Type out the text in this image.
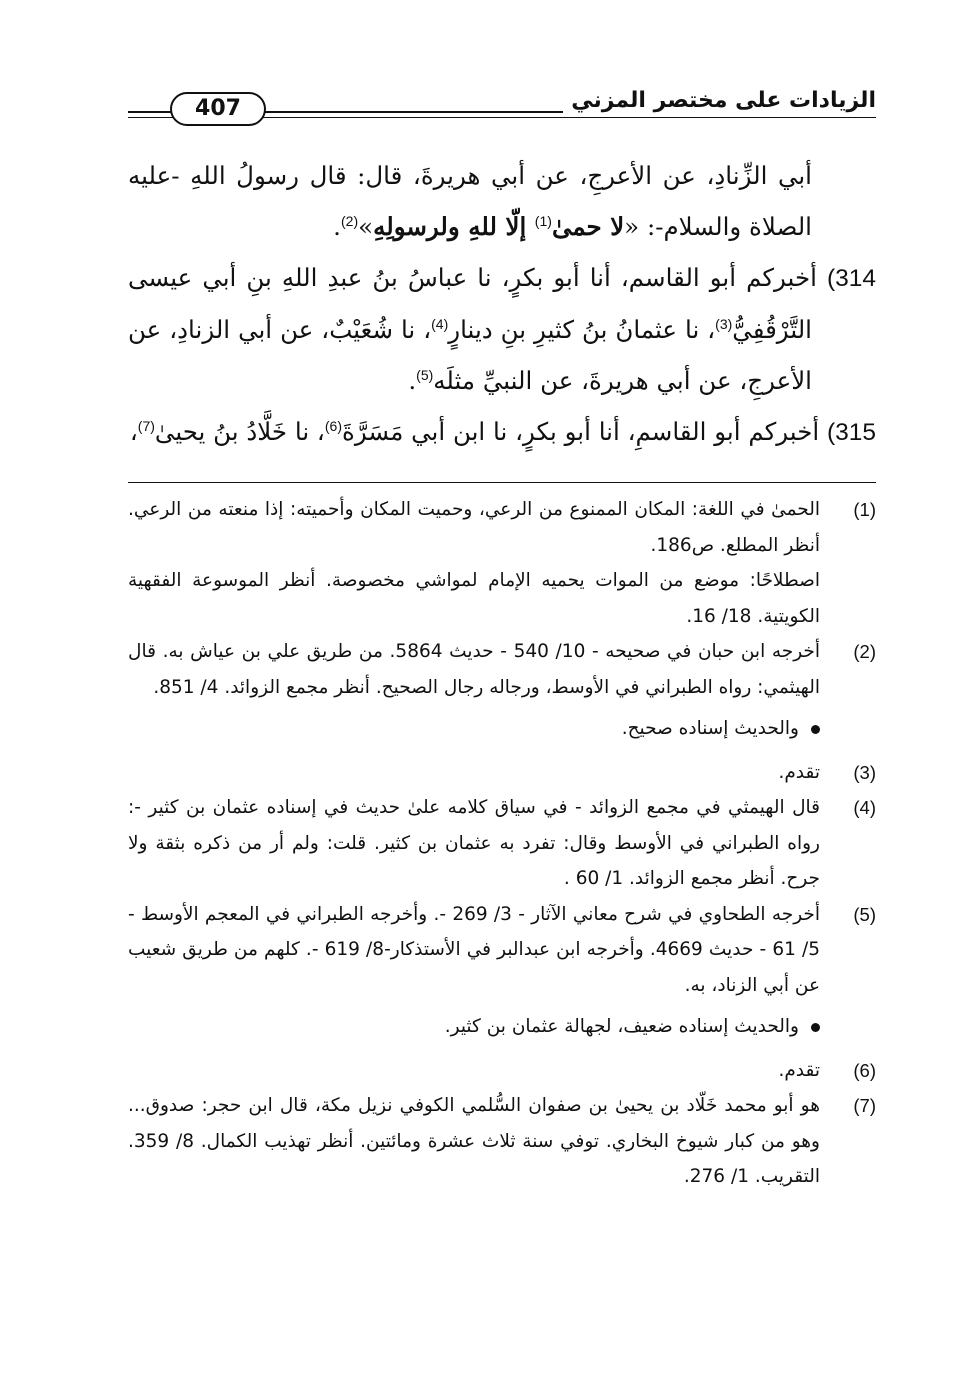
407	الزيادات على مختصر المزني

أبي الزِّنادِ، عن الأعرجِ، عن أبي هريرةَ، قال: قال رسولُ اللهِ -عليه الصلاة والسلام-: «لا حمىٰ$^{(1)}$ إلّا للهِ ولرسولِهِ»$^{(2)}$.

314) أخبركم أبو القاسم، أنا أبو بكرٍ، نا عباسُ بنُ عبدِ اللهِ بنِ أبي عيسى التَّرْقُفِيُّ$^{(3)}$، نا عثمانُ بنُ كثيرِ بنِ دينارٍ$^{(4)}$، نا شُعَيْبٌ، عن أبي الزنادِ، عن الأعرجِ، عن أبي هريرةَ، عن النبيِّ مثلَه$^{(5)}$.

315) أخبركم أبو القاسمِ، أنا أبو بكرٍ، نا ابن أبي مَسَرَّةَ$^{(6)}$، نا خَلَّادُ بنُ يحيىٰ$^{(7)}$،

(1)
الحمىٰ في اللغة: المكان الممنوع من الرعي، وحميت المكان وأحميته: إذا منعته من الرعي. أنظر المطلع. ص186.

اصطلاحًا: موضع من الموات يحميه الإمام لمواشي مخصوصة. أنظر الموسوعة الفقهية الكويتية. 18/ 16.

(2)
أخرجه ابن حبان في صحيحه - 10/ 540 - حديث 5864. من طريق علي بن عياش به. قال الهيثمي: رواه الطبراني في الأوسط، ورجاله رجال الصحيح. أنظر مجمع الزوائد. 4/ 851.

والحديث إسناده صحيح.

(3)
تقدم.

(4)
قال الهيمثي في مجمع الزوائد - في سياق كلامه علىٰ حديث في إسناده عثمان بن كثير -: رواه الطبراني في الأوسط وقال: تفرد به عثمان بن كثير. قلت: ولم أر من ذكره بثقة ولا جرح. أنظر مجمع الزوائد. 1/ 60 .

(5)
أخرجه الطحاوي في شرح معاني الآثار - 3/ 269 -. وأخرجه الطبراني في المعجم الأوسط - 5/ 61 - حديث 4669. وأخرجه ابن عبدالبر في الأستذكار-8/ 619 -. كلهم من طريق شعيب عن أبي الزناد، به.

والحديث إسناده ضعيف، لجهالة عثمان بن كثير.

(6)
تقدم.

(7)
هو أبو محمد خَلّاد بن يحيىٰ بن صفوان السُّلمي الكوفي نزيل مكة، قال ابن حجر: صدوق... وهو من كبار شيوخ البخاري. توفي سنة ثلاث عشرة ومائتين. أنظر تهذيب الكمال. 8/ 359. التقريب. 1/ 276.
